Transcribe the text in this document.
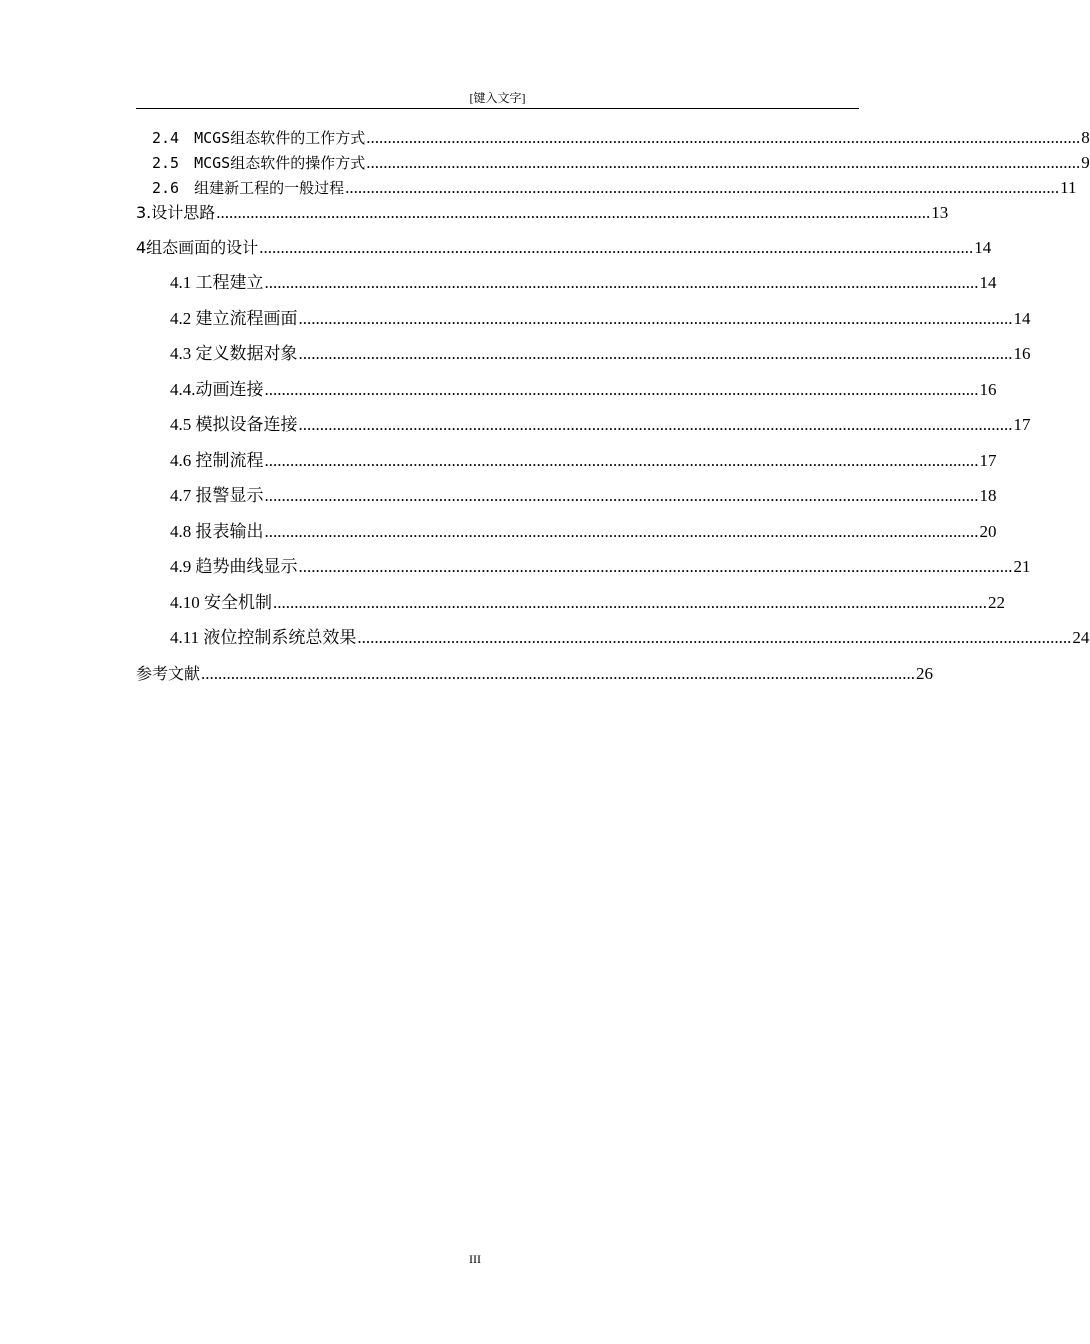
[键入文字]
2.4　MCGS组态软件的工作方式 ........................................................................................................................................................................ 8
2.5　MCGS组态软件的操作方式 ........................................................................................................................................................................ 9
2.6　组建新工程的一般过程 ........................................................................................................................................................................ 11
3.设计思路 ........................................................................................................................................................................ 13
4组态画面的设计 ........................................................................................................................................................................ 14
4.1 工程建立 ........................................................................................................................................................................ 14
4.2 建立流程画面 ........................................................................................................................................................................ 14
4.3 定义数据对象 ........................................................................................................................................................................ 16
4.4.动画连接 ........................................................................................................................................................................ 16
4.5 模拟设备连接 ........................................................................................................................................................................ 17
4.6 控制流程 ........................................................................................................................................................................ 17
4.7 报警显示 ........................................................................................................................................................................ 18
4.8 报表输出 ........................................................................................................................................................................ 20
4.9 趋势曲线显示 ........................................................................................................................................................................ 21
4.10 安全机制 ........................................................................................................................................................................ 22
4.11 液位控制系统总效果 ........................................................................................................................................................................ 24
参考文献 ........................................................................................................................................................................ 26
III
